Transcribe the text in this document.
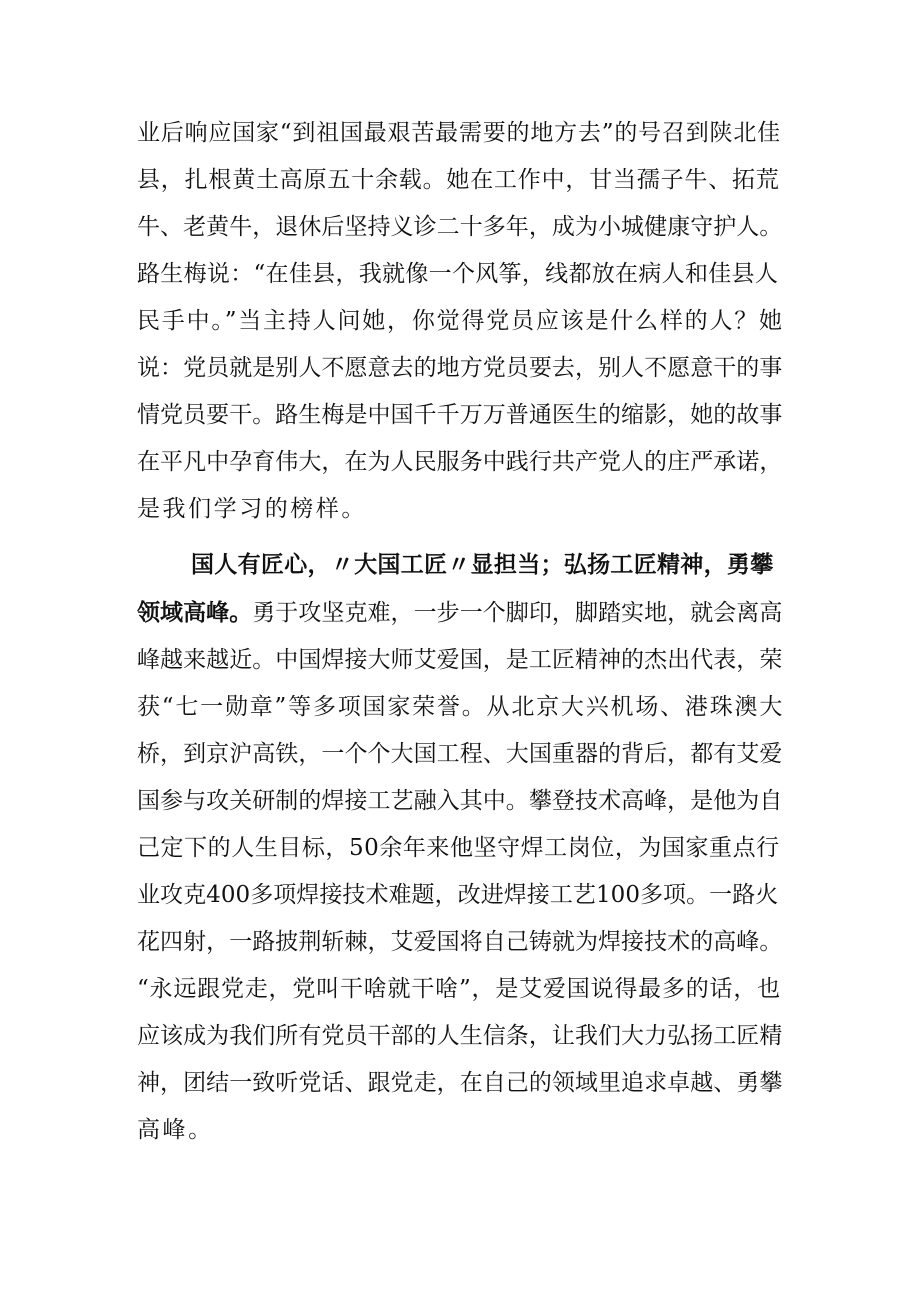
业后响应国家“到祖国最艰苦最需要的地方去”的号召到陕北佳
县，扎根黄土高原五十余载。她在工作中，甘当孺子牛、拓荒
牛、老黄牛，退休后坚持义诊二十多年，成为小城健康守护人。
路生梅说：“在佳县，我就像一个风筝，线都放在病人和佳县人
民手中。”当主持人问她，你觉得党员应该是什么样的人？她
说：党员就是别人不愿意去的地方党员要去，别人不愿意干的事
情党员要干。路生梅是中国千千万万普通医生的缩影，她的故事
在平凡中孕育伟大，在为人民服务中践行共产党人的庄严承诺，
是我们学习的榜样。
国人有匠心，〃大国工匠〃显担当；弘扬工匠精神，勇攀
领域高峰。勇于攻坚克难，一步一个脚印，脚踏实地，就会离高
峰越来越近。中国焊接大师艾爱国，是工匠精神的杰出代表，荣
获“七一勋章”等多项国家荣誉。从北京大兴机场、港珠澳大
桥，到京沪高铁，一个个大国工程、大国重器的背后，都有艾爱
国参与攻关研制的焊接工艺融入其中。攀登技术高峰，是他为自
己定下的人生目标，50余年来他坚守焊工岗位，为国家重点行
业攻克400多项焊接技术难题，改进焊接工艺100多项。一路火
花四射，一路披荆斩棘，艾爱国将自己铸就为焊接技术的高峰。
“永远跟党走，党叫干啥就干啥”，是艾爱国说得最多的话，也
应该成为我们所有党员干部的人生信条，让我们大力弘扬工匠精
神，团结一致听党话、跟党走，在自己的领域里追求卓越、勇攀
高峰。
